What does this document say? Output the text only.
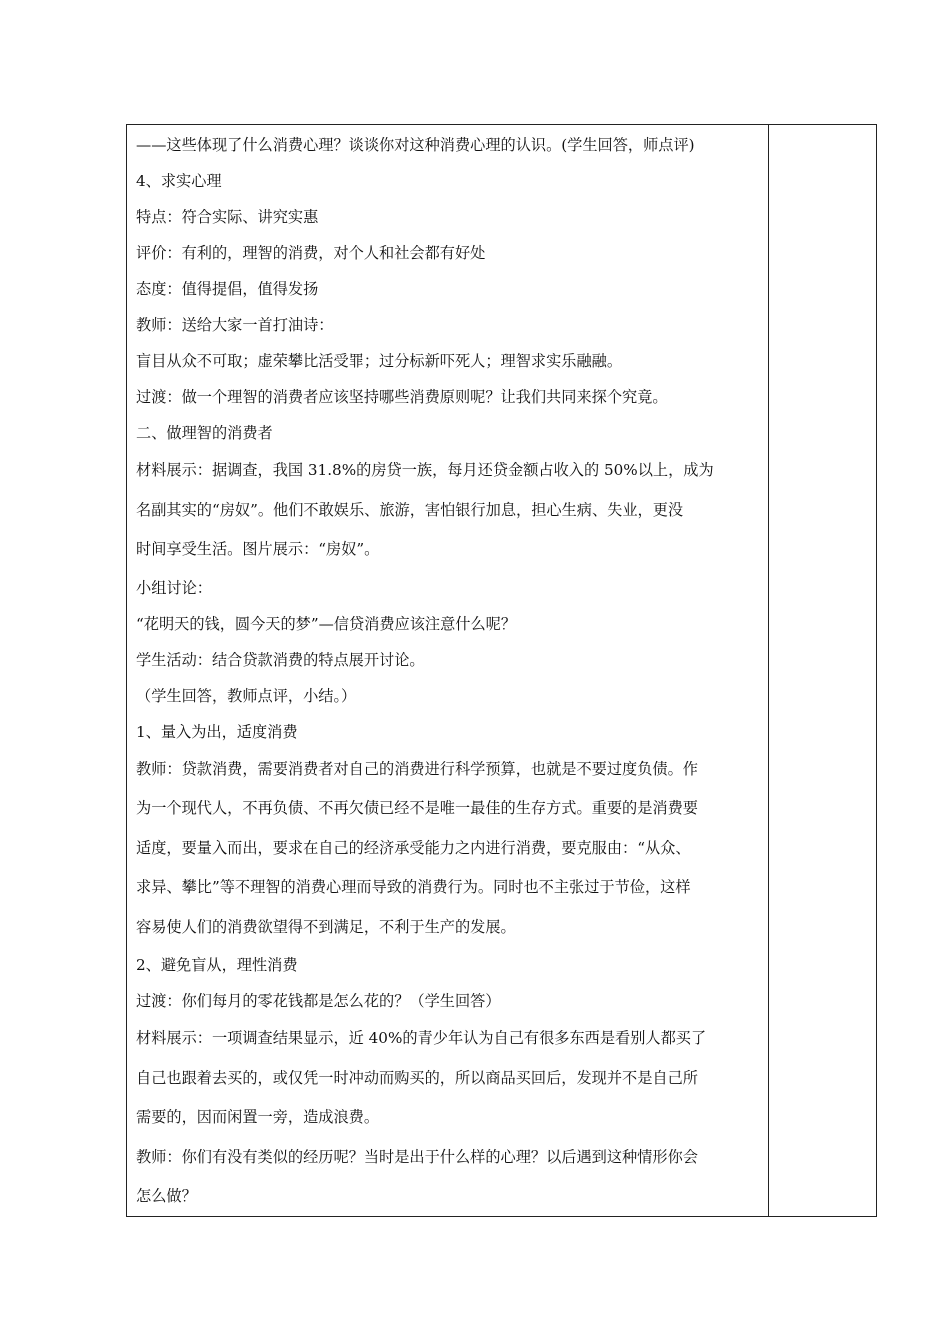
——这些体现了什么消费心理？谈谈你对这种消费心理的认识。(学生回答，师点评)
4、求实心理
特点：符合实际、讲究实惠
评价：有利的，理智的消费，对个人和社会都有好处
态度：值得提倡，值得发扬
教师：送给大家一首打油诗：
盲目从众不可取；虚荣攀比活受罪；过分标新吓死人；理智求实乐融融。
过渡：做一个理智的消费者应该坚持哪些消费原则呢？让我们共同来探个究竟。
二、做理智的消费者
材料展示：据调查，我国 31.8%的房贷一族，每月还贷金额占收入的 50%以上，成为
名副其实的“房奴”。他们不敢娱乐、旅游，害怕银行加息，担心生病、失业，更没
时间享受生活。图片展示：“房奴”。
小组讨论：
“花明天的钱，圆今天的梦”—信贷消费应该注意什么呢？
学生活动：结合贷款消费的特点展开讨论。
（学生回答，教师点评，小结。）
1、量入为出，适度消费
教师：贷款消费，需要消费者对自己的消费进行科学预算，也就是不要过度负债。作
为一个现代人，不再负债、不再欠债已经不是唯一最佳的生存方式。重要的是消费要
适度，要量入而出，要求在自己的经济承受能力之内进行消费，要克服由：“从众、
求异、攀比”等不理智的消费心理而导致的消费行为。同时也不主张过于节俭，这样
容易使人们的消费欲望得不到满足，不利于生产的发展。
2、避免盲从，理性消费
过渡：你们每月的零花钱都是怎么花的？（学生回答）
材料展示：一项调查结果显示，近 40%的青少年认为自己有很多东西是看别人都买了
自己也跟着去买的，或仅凭一时冲动而购买的，所以商品买回后，发现并不是自己所
需要的，因而闲置一旁，造成浪费。
教师：你们有没有类似的经历呢？当时是出于什么样的心理？以后遇到这种情形你会
怎么做？
